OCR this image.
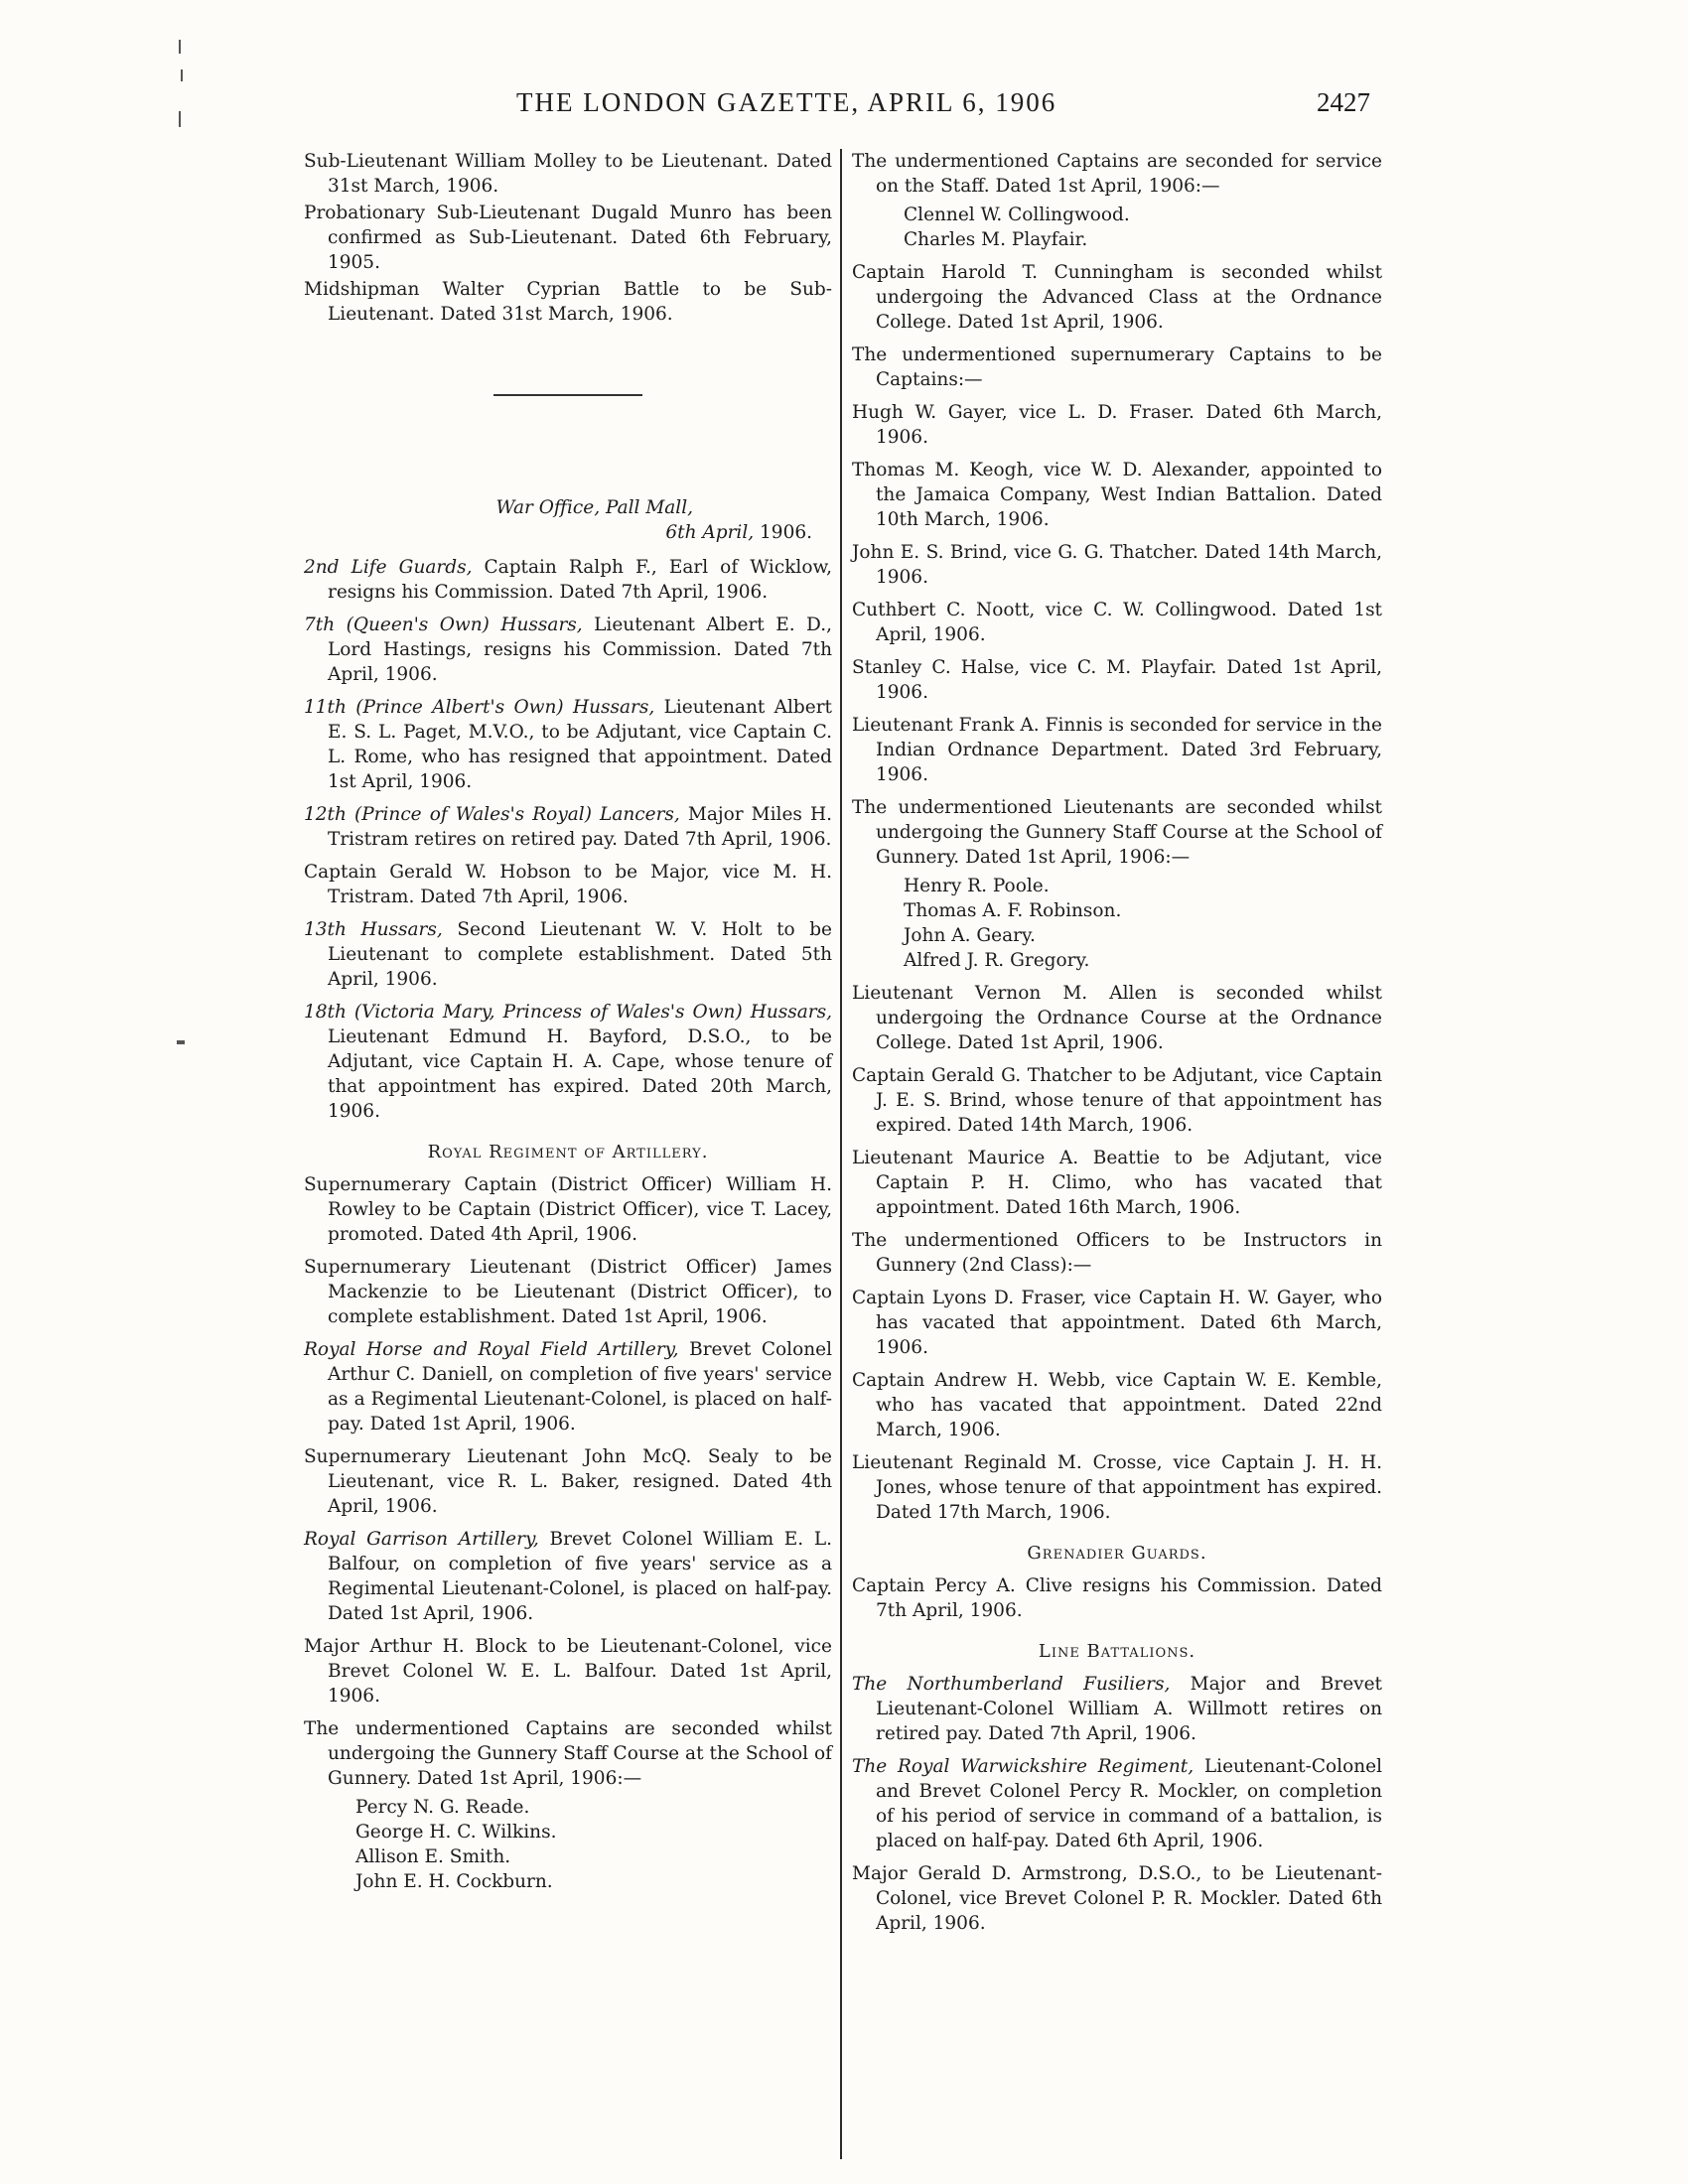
THE LONDON GAZETTE, APRIL 6, 1906	2427

Sub-Lieutenant William Molley to be Lieutenant. Dated 31st March, 1906.

Probationary Sub-Lieutenant Dugald Munro has been confirmed as Sub-Lieutenant. Dated 6th February, 1905.

Midshipman Walter Cyprian Battle to be Sub-Lieutenant. Dated 31st March, 1906.

War Office, Pall Mall,
6th April, 1906.

2nd Life Guards, Captain Ralph F., Earl of Wicklow, resigns his Commission. Dated 7th April, 1906.

7th (Queen's Own) Hussars, Lieutenant Albert E. D., Lord Hastings, resigns his Commission. Dated 7th April, 1906.

11th (Prince Albert's Own) Hussars, Lieutenant Albert E. S. L. Paget, M.V.O., to be Adjutant, vice Captain C. L. Rome, who has resigned that appointment. Dated 1st April, 1906.

12th (Prince of Wales's Royal) Lancers, Major Miles H. Tristram retires on retired pay. Dated 7th April, 1906.

Captain Gerald W. Hobson to be Major, vice M. H. Tristram. Dated 7th April, 1906.

13th Hussars, Second Lieutenant W. V. Holt to be Lieutenant to complete establishment. Dated 5th April, 1906.

18th (Victoria Mary, Princess of Wales's Own) Hussars, Lieutenant Edmund H. Bayford, D.S.O., to be Adjutant, vice Captain H. A. Cape, whose tenure of that appointment has expired. Dated 20th March, 1906.

Royal Regiment of Artillery.

Supernumerary Captain (District Officer) William H. Rowley to be Captain (District Officer), vice T. Lacey, promoted. Dated 4th April, 1906.

Supernumerary Lieutenant (District Officer) James Mackenzie to be Lieutenant (District Officer), to complete establishment. Dated 1st April, 1906.

Royal Horse and Royal Field Artillery, Brevet Colonel Arthur C. Daniell, on completion of five years' service as a Regimental Lieutenant-Colonel, is placed on half-pay. Dated 1st April, 1906.

Supernumerary Lieutenant John McQ. Sealy to be Lieutenant, vice R. L. Baker, resigned. Dated 4th April, 1906.

Royal Garrison Artillery, Brevet Colonel William E. L. Balfour, on completion of five years' service as a Regimental Lieutenant-Colonel, is placed on half-pay. Dated 1st April, 1906.

Major Arthur H. Block to be Lieutenant-Colonel, vice Brevet Colonel W. E. L. Balfour. Dated 1st April, 1906.

The undermentioned Captains are seconded whilst undergoing the Gunnery Staff Course at the School of Gunnery. Dated 1st April, 1906:—

Percy N. G. Reade.
George H. C. Wilkins.
Allison E. Smith.
John E. H. Cockburn.

The undermentioned Captains are seconded for service on the Staff. Dated 1st April, 1906:—

Clennel W. Collingwood.
Charles M. Playfair.

Captain Harold T. Cunningham is seconded whilst undergoing the Advanced Class at the Ordnance College. Dated 1st April, 1906.

The undermentioned supernumerary Captains to be Captains:—

Hugh W. Gayer, vice L. D. Fraser. Dated 6th March, 1906.

Thomas M. Keogh, vice W. D. Alexander, appointed to the Jamaica Company, West Indian Battalion. Dated 10th March, 1906.

John E. S. Brind, vice G. G. Thatcher. Dated 14th March, 1906.

Cuthbert C. Noott, vice C. W. Collingwood. Dated 1st April, 1906.

Stanley C. Halse, vice C. M. Playfair. Dated 1st April, 1906.

Lieutenant Frank A. Finnis is seconded for service in the Indian Ordnance Department. Dated 3rd February, 1906.

The undermentioned Lieutenants are seconded whilst undergoing the Gunnery Staff Course at the School of Gunnery. Dated 1st April, 1906:—

Henry R. Poole.
Thomas A. F. Robinson.
John A. Geary.
Alfred J. R. Gregory.

Lieutenant Vernon M. Allen is seconded whilst undergoing the Ordnance Course at the Ordnance College. Dated 1st April, 1906.

Captain Gerald G. Thatcher to be Adjutant, vice Captain J. E. S. Brind, whose tenure of that appointment has expired. Dated 14th March, 1906.

Lieutenant Maurice A. Beattie to be Adjutant, vice Captain P. H. Climo, who has vacated that appointment. Dated 16th March, 1906.

The undermentioned Officers to be Instructors in Gunnery (2nd Class):—

Captain Lyons D. Fraser, vice Captain H. W. Gayer, who has vacated that appointment. Dated 6th March, 1906.

Captain Andrew H. Webb, vice Captain W. E. Kemble, who has vacated that appointment. Dated 22nd March, 1906.

Lieutenant Reginald M. Crosse, vice Captain J. H. H. Jones, whose tenure of that appointment has expired. Dated 17th March, 1906.

Grenadier Guards.

Captain Percy A. Clive resigns his Commission. Dated 7th April, 1906.

Line Battalions.

The Northumberland Fusiliers, Major and Brevet Lieutenant-Colonel William A. Willmott retires on retired pay. Dated 7th April, 1906.

The Royal Warwickshire Regiment, Lieutenant-Colonel and Brevet Colonel Percy R. Mockler, on completion of his period of service in command of a battalion, is placed on half-pay. Dated 6th April, 1906.

Major Gerald D. Armstrong, D.S.O., to be Lieutenant-Colonel, vice Brevet Colonel P. R. Mockler. Dated 6th April, 1906.
